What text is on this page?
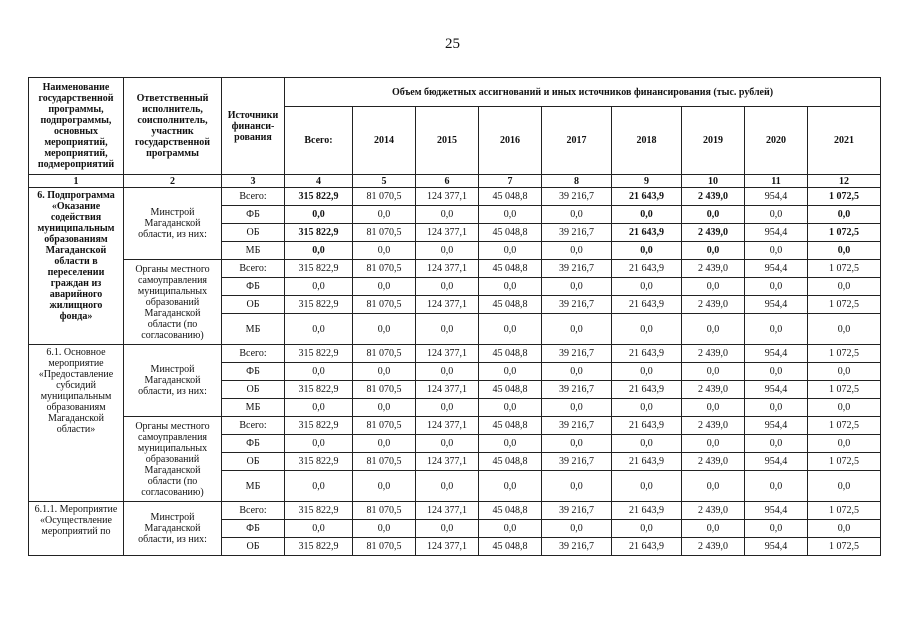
25
Наименование государственной программы, подпрограммы, основных мероприятий, мероприятий, подмероприятий	Ответственный исполнитель, соисполнитель, участник государственной программы	Источники финанси-рования	Объем бюджетных ассигнований и иных источников финансирования (тыс. рублей)								
			Всего:	2014	2015	2016	2017	2018	2019	2020	2021
1	2	3	4	5	6	7	8	9	10	11	12
6. Подпрограмма «Оказание содействия муниципальным образованиям Магаданской области в переселении граждан из аварийного жилищного фонда»	Минстрой Магаданской области, из них:	Всего:	315 822,9	81 070,5	124 377,1	45 048,8	39 216,7	21 643,9	2 439,0	954,4	1 072,5
		ФБ	0,0	0,0	0,0	0,0	0,0	0,0	0,0	0,0	0,0
		ОБ	315 822,9	81 070,5	124 377,1	45 048,8	39 216,7	21 643,9	2 439,0	954,4	1 072,5
		МБ	0,0	0,0	0,0	0,0	0,0	0,0	0,0	0,0	0,0
	Органы местного самоуправления муниципальных образований Магаданской области (по согласованию)	Всего:	315 822,9	81 070,5	124 377,1	45 048,8	39 216,7	21 643,9	2 439,0	954,4	1 072,5
		ФБ	0,0	0,0	0,0	0,0	0,0	0,0	0,0	0,0	0,0
		ОБ	315 822,9	81 070,5	124 377,1	45 048,8	39 216,7	21 643,9	2 439,0	954,4	1 072,5
		МБ	0,0	0,0	0,0	0,0	0,0	0,0	0,0	0,0	0,0
6.1. Основное мероприятие «Предоставление субсидий муниципальным образованиям Магаданской области»	Минстрой Магаданской области, из них:	Всего:	315 822,9	81 070,5	124 377,1	45 048,8	39 216,7	21 643,9	2 439,0	954,4	1 072,5
		ФБ	0,0	0,0	0,0	0,0	0,0	0,0	0,0	0,0	0,0
		ОБ	315 822,9	81 070,5	124 377,1	45 048,8	39 216,7	21 643,9	2 439,0	954,4	1 072,5
		МБ	0,0	0,0	0,0	0,0	0,0	0,0	0,0	0,0	0,0
	Органы местного самоуправления муниципальных образований Магаданской области (по согласованию)	Всего:	315 822,9	81 070,5	124 377,1	45 048,8	39 216,7	21 643,9	2 439,0	954,4	1 072,5
		ФБ	0,0	0,0	0,0	0,0	0,0	0,0	0,0	0,0	0,0
		ОБ	315 822,9	81 070,5	124 377,1	45 048,8	39 216,7	21 643,9	2 439,0	954,4	1 072,5
		МБ	0,0	0,0	0,0	0,0	0,0	0,0	0,0	0,0	0,0
6.1.1. Мероприятие «Осуществление мероприятий по	Минстрой Магаданской области, из них:	Всего:	315 822,9	81 070,5	124 377,1	45 048,8	39 216,7	21 643,9	2 439,0	954,4	1 072,5
		ФБ	0,0	0,0	0,0	0,0	0,0	0,0	0,0	0,0	0,0
		ОБ	315 822,9	81 070,5	124 377,1	45 048,8	39 216,7	21 643,9	2 439,0	954,4	1 072,5
